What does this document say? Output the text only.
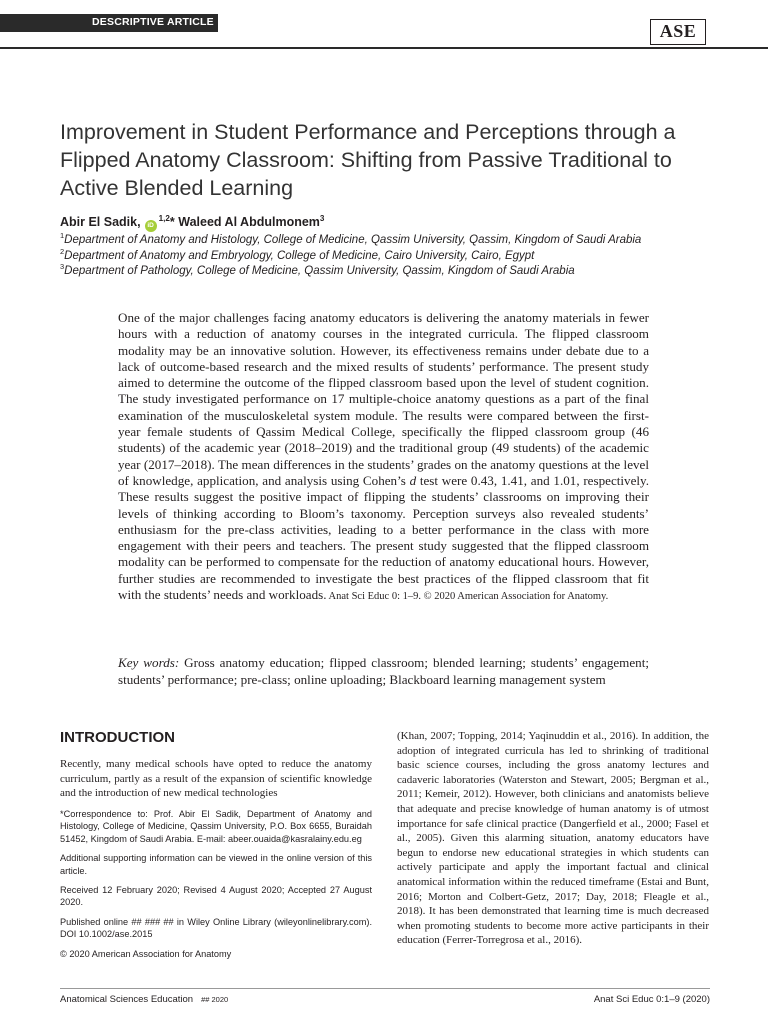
DESCRIPTIVE ARTICLE	ASE
Improvement in Student Performance and Perceptions through a Flipped Anatomy Classroom: Shifting from Passive Traditional to Active Blended Learning
Abir El Sadik, iD$^{1,2}$* Waleed Al Abdulmonem$^3$
$^1$Department of Anatomy and Histology, College of Medicine, Qassim University, Qassim, Kingdom of Saudi Arabia
$^2$Department of Anatomy and Embryology, College of Medicine, Cairo University, Cairo, Egypt
$^3$Department of Pathology, College of Medicine, Qassim University, Qassim, Kingdom of Saudi Arabia

One of the major challenges facing anatomy educators is delivering the anatomy materials in fewer hours with a reduction of anatomy courses in the integrated curricula. The flipped classroom modality may be an innovative solution. However, its effectiveness remains under debate due to a lack of outcome-based research and the mixed results of students’ performance. The present study aimed to determine the outcome of the flipped classroom based upon the level of student cognition. The study investigated performance on 17 multiple-choice anatomy questions as a part of the final examination of the musculoskeletal system module. The results were compared between the first-year female students of Qassim Medical College, specifically the flipped classroom group (46 students) of the academic year (2018–2019) and the traditional group (49 students) of the academic year (2017–2018). The mean differences in the students’ grades on the anatomy questions at the level of knowledge, application, and analysis using Cohen’s d test were 0.43, 1.41, and 1.01, respectively. These results suggest the positive impact of flipping the students’ classrooms on improving their levels of thinking according to Bloom’s taxonomy. Perception surveys also revealed students’ enthusiasm for the pre-class activities, leading to a better performance in the class with more engagement with their peers and teachers. The present study suggested that the flipped classroom modality can be performed to compensate for the reduction of anatomy educational hours. However, further studies are recommended to investigate the best practices of the flipped classroom that fit with the students’ needs and workloads. Anat Sci Educ 0: 1–9. © 2020 American Association for Anatomy.

Key words: Gross anatomy education; flipped classroom; blended learning; students’ engagement; students’ performance; pre-class; online uploading; Blackboard learning management system

INTRODUCTION

Recently, many medical schools have opted to reduce the anatomy curriculum, partly as a result of the expansion of scientific knowledge and the introduction of new medical technologies

*Correspondence to: Prof. Abir El Sadik, Department of Anatomy and Histology, College of Medicine, Qassim University, P.O. Box 6655, Buraidah 51452, Kingdom of Saudi Arabia. E-mail: abeer.ouaida@kasralainy.edu.eg

Additional supporting information can be viewed in the online version of this article.

Received 12 February 2020; Revised 4 August 2020; Accepted 27 August 2020.

Published online ## ### ## in Wiley Online Library (wileyonlinelibrary.com). DOI 10.1002/ase.2015

© 2020 American Association for Anatomy

(Khan, 2007; Topping, 2014; Yaqinuddin et al., 2016). In addition, the adoption of integrated curricula has led to shrinking of traditional basic science courses, including the gross anatomy lectures and cadaveric laboratories (Waterston and Stewart, 2005; Bergman et al., 2011; Kemeir, 2012). However, both clinicians and anatomists believe that adequate and precise knowledge of human anatomy is of utmost importance for safe clinical practice (Dangerfield et al., 2000; Fasel et al., 2005). Given this alarming situation, anatomy educators have begun to endorse new educational strategies in which students can actively participate and apply the important factual and clinical anatomical information within the reduced timeframe (Estai and Bunt, 2016; Morton and Colbert-Getz, 2017; Day, 2018; Fleagle et al., 2018). It has been demonstrated that learning time is much decreased when promoting students to become more active participants in their education (Ferrer-Torregrosa et al., 2016).

Anatomical Sciences Education ## 2020	Anat Sci Educ 0:1–9 (2020)
